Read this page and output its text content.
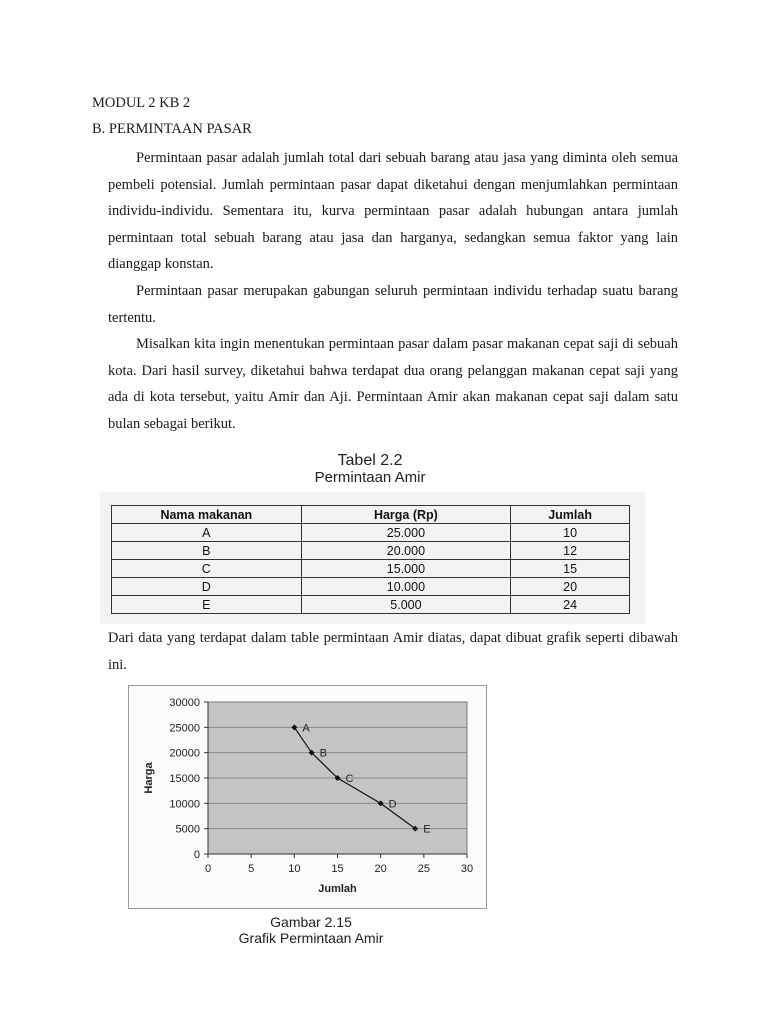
MODUL 2 KB 2
B. PERMINTAAN PASAR

Permintaan pasar adalah jumlah total dari sebuah barang atau jasa yang diminta oleh semua pembeli potensial. Jumlah permintaan pasar dapat diketahui dengan menjumlahkan permintaan individu-individu. Sementara itu, kurva permintaan pasar adalah hubungan antara jumlah permintaan total sebuah barang atau jasa dan harganya, sedangkan semua faktor yang lain dianggap konstan.

Permintaan pasar merupakan gabungan seluruh permintaan individu terhadap suatu barang tertentu.

Misalkan kita ingin menentukan permintaan pasar dalam pasar makanan cepat saji di sebuah kota. Dari hasil survey, diketahui bahwa terdapat dua orang pelanggan makanan cepat saji yang ada di kota tersebut, yaitu Amir dan Aji. Permintaan Amir akan makanan cepat saji dalam satu bulan sebagai berikut.

Tabel 2.2
Permintaan Amir
Nama makanan	Harga (Rp)	Jumlah
A	25.000	10
B	20.000	12
C	15.000	15
D	10.000	20
E	5.000	24

Dari data yang terdapat dalam table permintaan Amir diatas, dapat dibuat grafik seperti dibawah ini.

0
5000
10000
15000
20000
25000
30000
0	5	10	15	20	25	30
Jumlah
Harga
A
B
C
D
E
Gambar 2.15
Grafik Permintaan Amir
